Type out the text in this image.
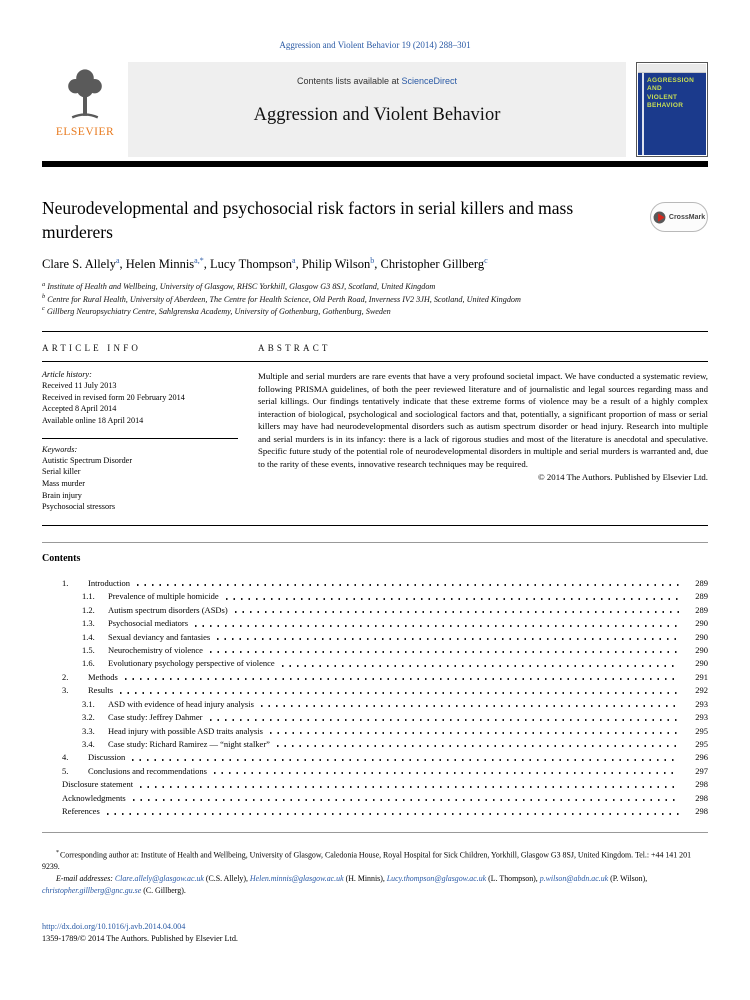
Aggression and Violent Behavior 19 (2014) 288–301
ELSEVIER
Contents lists available at ScienceDirect
Aggression and Violent Behavior
AGGRESSION
AND
VIOLENT
BEHAVIOR
Neurodevelopmental and psychosocial risk factors in serial killers and mass murderers
CrossMark

Clare S. Allely$^a$, Helen Minnis$^{a,*}$, Lucy Thompson$^a$, Philip Wilson$^b$, Christopher Gillberg$^c$

$^a$ Institute of Health and Wellbeing, University of Glasgow, RHSC Yorkhill, Glasgow G3 8SJ, Scotland, United Kingdom
$^b$ Centre for Rural Health, University of Aberdeen, The Centre for Health Science, Old Perth Road, Inverness IV2 3JH, Scotland, United Kingdom
$^c$ Gillberg Neuropsychiatry Centre, Sahlgrenska Academy, University of Gothenburg, Gothenburg, Sweden
ARTICLE INFO	ABSTRACT
Article history:
Received 11 July 2013
Received in revised form 20 February 2014
Accepted 8 April 2014
Available online 18 April 2014
Keywords:
Autistic Spectrum Disorder
Serial killer
Mass murder
Brain injury
Psychosocial stressors

Multiple and serial murders are rare events that have a very profound societal impact. We have conducted a systematic review, following PRISMA guidelines, of both the peer reviewed literature and of journalistic and legal sources regarding mass and serial killings. Our findings tentatively indicate that these extreme forms of violence may be a result of a highly complex interaction of biological, psychological and sociological factors and that, potentially, a significant proportion of mass or serial killers may have had neurodevelopmental disorders such as autism spectrum disorder or head injury. Research into multiple and serial murders is in its infancy: there is a lack of rigorous studies and most of the literature is anecdotal and speculative. Specific future study of the potential role of neurodevelopmental disorders in multiple and serial murders is warranted and, due to the rarity of these events, innovative research techniques may be required.

© 2014 The Authors. Published by Elsevier Ltd.

Contents
1.	Introduction	289
1.1.	Prevalence of multiple homicide	289
1.2.	Autism spectrum disorders (ASDs)	289
1.3.	Psychosocial mediators	290
1.4.	Sexual deviancy and fantasies	290
1.5.	Neurochemistry of violence	290
1.6.	Evolutionary psychology perspective of violence	290
2.	Methods	291
3.	Results	292
3.1.	ASD with evidence of head injury analysis	293
3.2.	Case study: Jeffrey Dahmer	293
3.3.	Head injury with possible ASD traits analysis	295
3.4.	Case study: Richard Ramirez — “night stalker”	295
4.	Discussion	296
5.	Conclusions and recommendations	297
Disclosure statement	298
Acknowledgments	298
References	298

*Corresponding author at: Institute of Health and Wellbeing, University of Glasgow, Caledonia House, Royal Hospital for Sick Children, Yorkhill, Glasgow G3 8SJ, United Kingdom. Tel.: +44 141 201 9239.

E-mail addresses: Clare.allely@glasgow.ac.uk (C.S. Allely), Helen.minnis@glasgow.ac.uk (H. Minnis), Lucy.thompson@glasgow.ac.uk (L. Thompson), p.wilson@abdn.ac.uk (P. Wilson), christopher.gillberg@gnc.gu.se (C. Gillberg).

http://dx.doi.org/10.1016/j.avb.2014.04.004
1359-1789/© 2014 The Authors. Published by Elsevier Ltd.
